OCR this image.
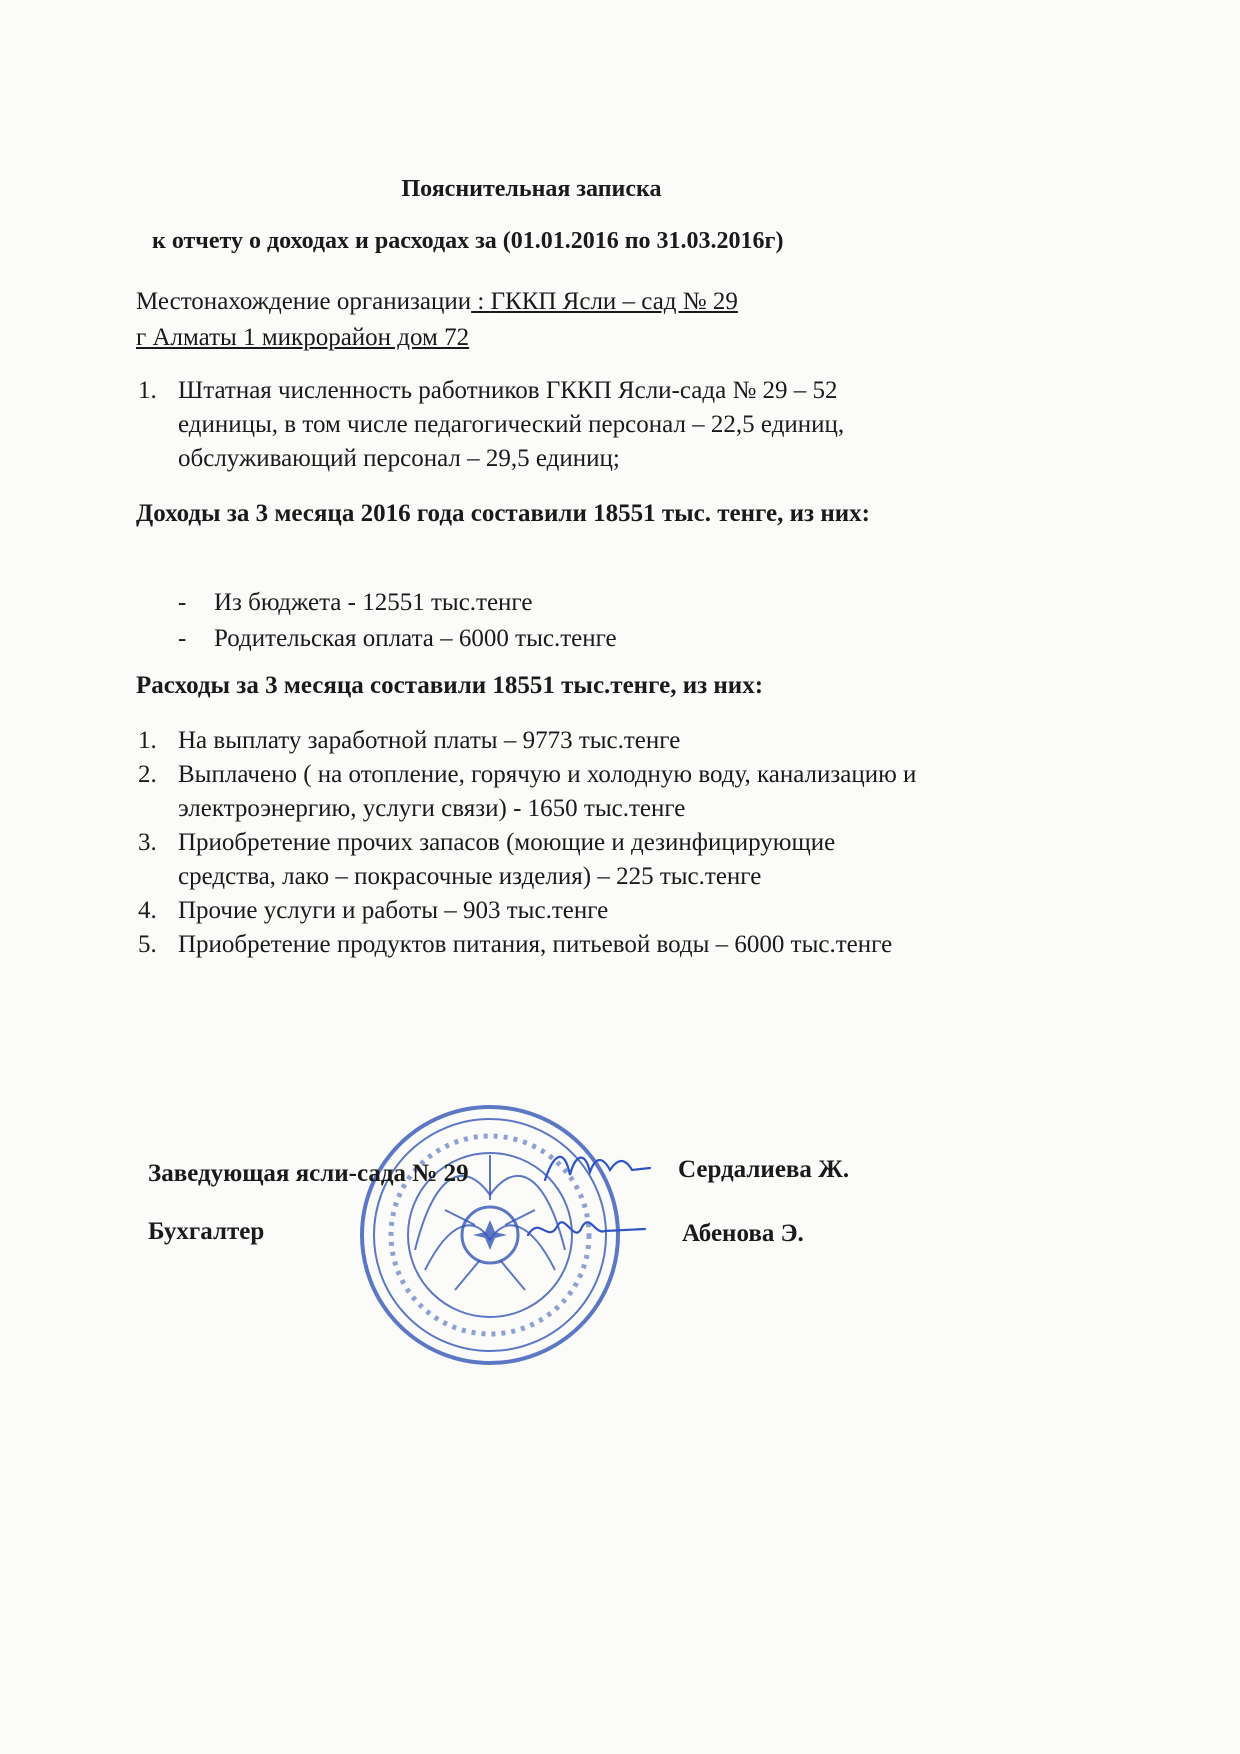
Пояснительная записка
к отчету о доходах и расходах за (01.01.2016 по 31.03.2016г)
Местонахождение организации : ГККП Ясли – сад № 29
г Алматы 1 микрорайон дом 72
1. Штатная численность работников ГККП Ясли-сада № 29 – 52 единицы, в том числе педагогический персонал – 22,5 единиц, обслуживающий персонал – 29,5 единиц;
Доходы за 3 месяца 2016 года составили 18551 тыс. тенге, из них:
- Из бюджета - 12551 тыс.тенге
- Родительская оплата – 6000 тыс.тенге
Расходы за 3 месяца составили 18551 тыс.тенге, из них:
1. На выплату заработной платы – 9773 тыс.тенге
2. Выплачено ( на отопление, горячую и холодную воду, канализацию и электроэнергию, услуги связи) - 1650 тыс.тенге
3. Приобретение прочих запасов (моющие и дезинфицирующие средства, лако – покрасочные изделия) – 225 тыс.тенге
4. Прочие услуги и работы – 903 тыс.тенге
5. Приобретение продуктов питания, питьевой воды – 6000 тыс.тенге
Заведующая ясли-сада № 29	Сердалиева Ж.
Бухгалтер	Абенова Э.
